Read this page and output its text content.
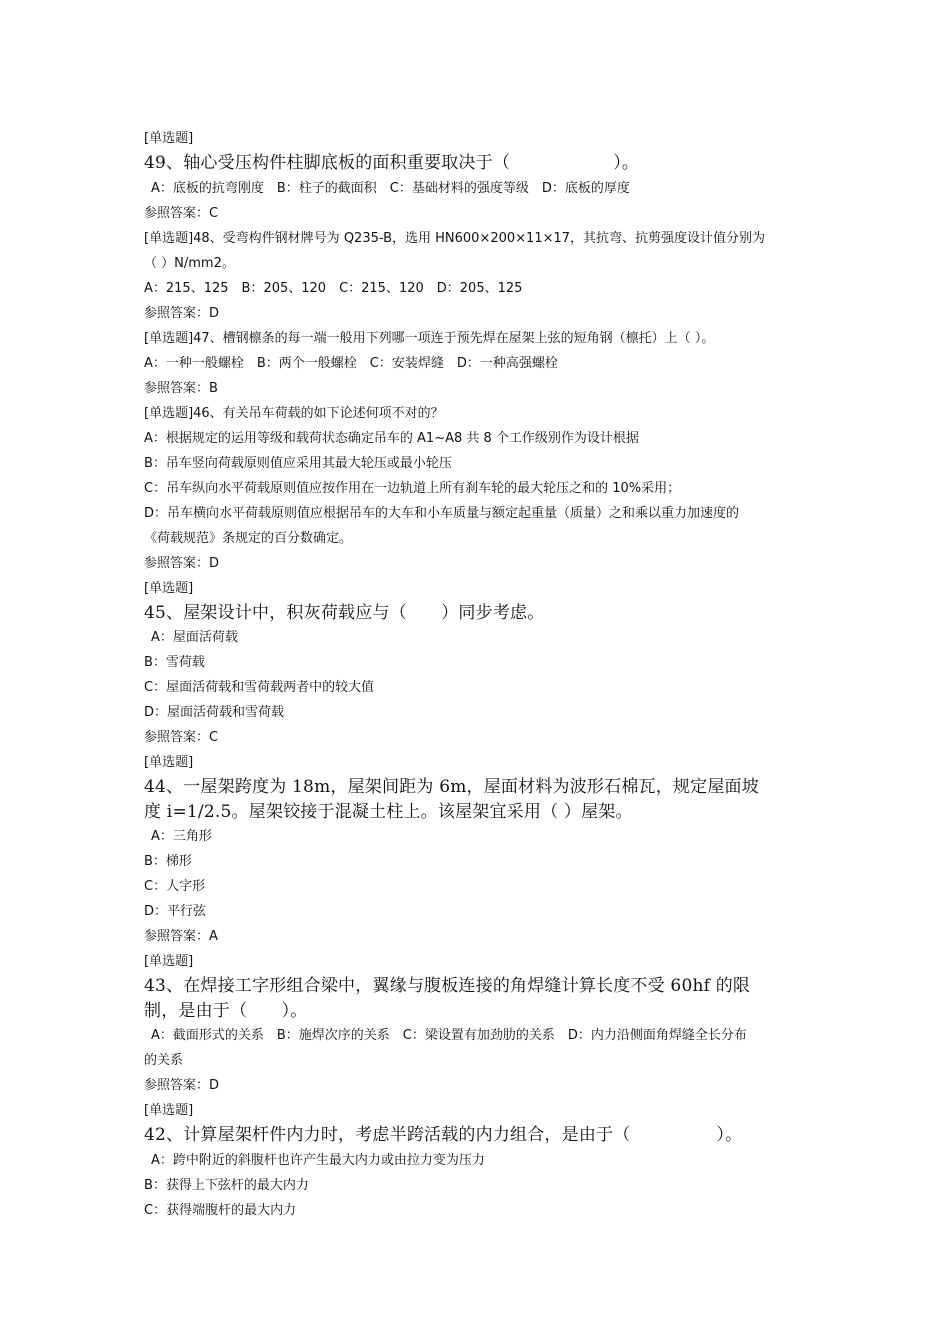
[单选题]
49、轴心受压构件柱脚底板的面积重要取决于（　　　　　　）。
A：底板的抗弯刚度　B：柱子的截面积　C：基础材料的强度等级　D：底板的厚度
参照答案：C
[单选题]48、受弯构件钢材牌号为 Q235-B，选用 HN600×200×11×17，其抗弯、抗剪强度设计值分别为
（ ）N/mm2。
A：215、125　B：205、120　C：215、120　D：205、125
参照答案：D
[单选题]47、槽钢檩条的每一端一般用下列哪一项连于预先焊在屋架上弦的短角钢（檩托）上（ ）。
A：一种一般螺栓　B：两个一般螺栓　C：安装焊缝　D：一种高强螺栓
参照答案：B
[单选题]46、有关吊车荷载的如下论述何项不对的？
A：根据规定的运用等级和载荷状态确定吊车的 A1~A8 共 8 个工作级别作为设计根据
B：吊车竖向荷载原则值应采用其最大轮压或最小轮压
C：吊车纵向水平荷载原则值应按作用在一边轨道上所有刹车轮的最大轮压之和的 10%采用；
D：吊车横向水平荷载原则值应根据吊车的大车和小车质量与额定起重量（质量）之和乘以重力加速度的
《荷载规范》条规定的百分数确定。
参照答案：D
[单选题]
45、屋架设计中，积灰荷载应与（　　）同步考虑。
A：屋面活荷载
B：雪荷载
C：屋面活荷载和雪荷载两者中的较大值
D：屋面活荷载和雪荷载
参照答案：C
[单选题]
44、一屋架跨度为 18m，屋架间距为 6m，屋面材料为波形石棉瓦，规定屋面坡
度 i=1/2.5。屋架铰接于混凝土柱上。该屋架宜采用（ ）屋架。
A：三角形
B：梯形
C：人字形
D：平行弦
参照答案：A
[单选题]
43、在焊接工字形组合梁中，翼缘与腹板连接的角焊缝计算长度不受 60hf 的限
制，是由于（　　）。
A：截面形式的关系　B：施焊次序的关系　C：梁设置有加劲肋的关系　D：内力沿侧面角焊缝全长分布
的关系
参照答案：D
[单选题]
42、计算屋架杆件内力时，考虑半跨活载的内力组合，是由于（　　　　　）。
A：跨中附近的斜腹杆也许产生最大内力或由拉力变为压力
B：获得上下弦杆的最大内力
C：获得端腹杆的最大内力
